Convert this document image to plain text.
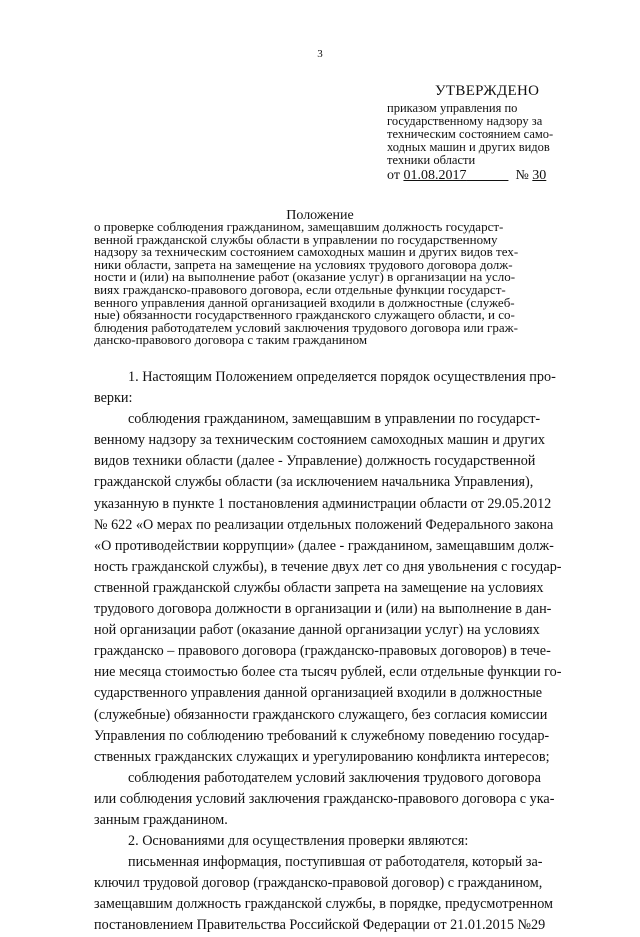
3
УТВЕРЖДЕНО
приказом управления по
государственному надзору за
техническим состоянием само-
ходных машин и других видов
техники области
от 01.08.2017	№ 30
Положение
о проверке соблюдения гражданином, замещавшим должность государст-
венной гражданской службы области в управлении по государственному
надзору за техническим состоянием самоходных машин и других видов тех-
ники области, запрета на замещение на условиях трудового договора долж-
ности и (или) на выполнение работ (оказание услуг) в организации на усло-
виях гражданско-правового договора, если отдельные функции государст-
венного управления данной организацией входили в должностные (служеб-
ные) обязанности государственного гражданского служащего области, и со-
блюдения работодателем условий заключения трудового договора или граж-
данско-правового договора с таким гражданином
1. Настоящим Положением определяется порядок осуществления про-
верки:
соблюдения гражданином, замещавшим в управлении по государст-
венному надзору за техническим состоянием самоходных машин и других
видов техники области (далее - Управление) должность государственной
гражданской службы области (за исключением начальника Управления),
указанную в пункте 1 постановления администрации области от 29.05.2012
№ 622 «О мерах по реализации отдельных положений Федерального закона
«О противодействии коррупции» (далее - гражданином, замещавшим долж-
ность гражданской службы), в течение двух лет со дня увольнения с государ-
ственной гражданской службы области запрета на замещение на условиях
трудового договора должности в организации и (или) на выполнение в дан-
ной организации работ (оказание данной организации услуг) на условиях
гражданско – правового договора (гражданско-правовых договоров) в тече-
ние месяца стоимостью более ста тысяч рублей, если отдельные функции го-
сударственного управления данной организацией входили в должностные
(служебные) обязанности гражданского служащего, без согласия комиссии
Управления по соблюдению требований к служебному поведению государ-
ственных гражданских служащих и урегулированию конфликта интересов;
соблюдения работодателем условий заключения трудового договора
или соблюдения условий заключения гражданско-правового договора с ука-
занным гражданином.
2. Основаниями для осуществления проверки являются:
письменная информация, поступившая от работодателя, который за-
ключил трудовой договор (гражданско-правовой договор) с гражданином,
замещавшим должность гражданской службы, в порядке, предусмотренном
постановлением Правительства Российской Федерации от 21.01.2015 №29
